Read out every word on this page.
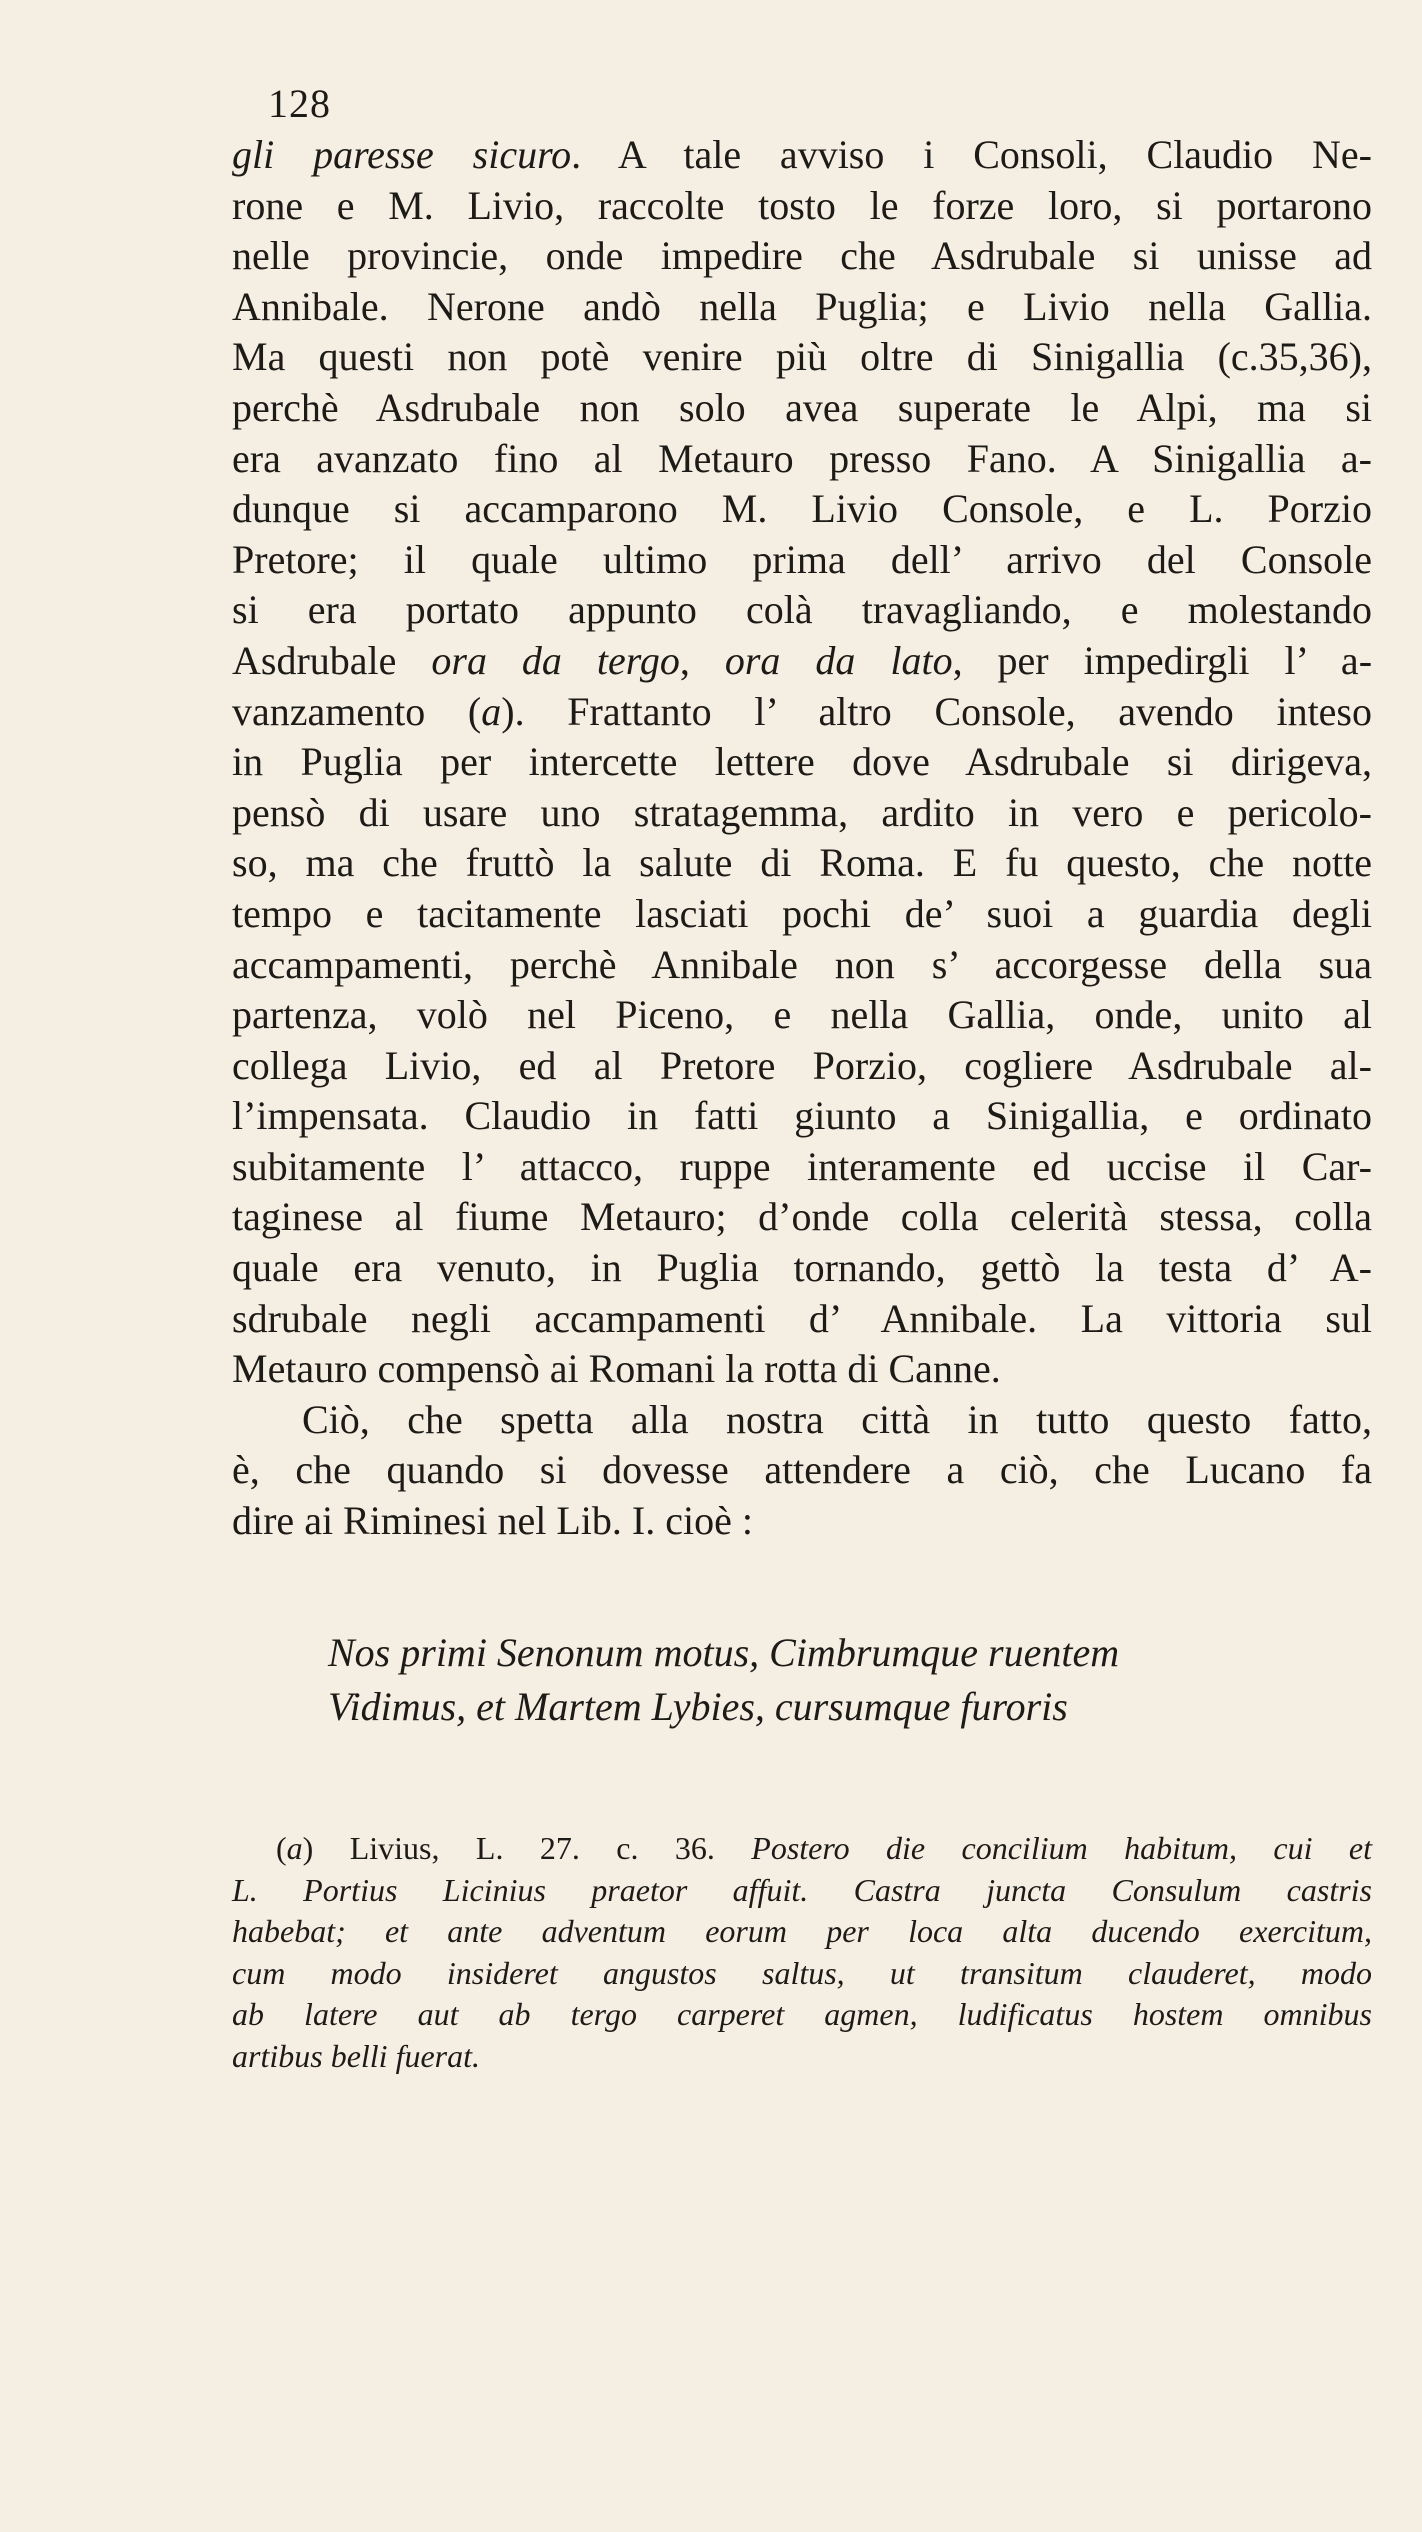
128
gli paresse sicuro. A tale avviso i Consoli, Claudio Ne-
rone e M. Livio, raccolte tosto le forze loro, si portarono
nelle provincie, onde impedire che Asdrubale si unisse ad
Annibale. Nerone andò nella Puglia; e Livio nella Gallia.
Ma questi non potè venire più oltre di Sinigallia (c.35,36),
perchè Asdrubale non solo avea superate le Alpi, ma si
era avanzato fino al Metauro presso Fano. A Sinigallia a-
dunque si accamparono M. Livio Console, e L. Porzio
Pretore; il quale ultimo prima dell’ arrivo del Console
si era portato appunto colà travagliando, e molestando
Asdrubale ora da tergo, ora da lato, per impedirgli l’ a-
vanzamento (a). Frattanto l’ altro Console, avendo inteso
in Puglia per intercette lettere dove Asdrubale si dirigeva,
pensò di usare uno stratagemma, ardito in vero e pericolo-
so, ma che fruttò la salute di Roma. E fu questo, che notte
tempo e tacitamente lasciati pochi de’ suoi a guardia degli
accampamenti, perchè Annibale non s’ accorgesse della sua
partenza, volò nel Piceno, e nella Gallia, onde, unito al
collega Livio, ed al Pretore Porzio, cogliere Asdrubale al-
l’impensata. Claudio in fatti giunto a Sinigallia, e ordinato
subitamente l’ attacco, ruppe interamente ed uccise il Car-
taginese al fiume Metauro; d’onde colla celerità stessa, colla
quale era venuto, in Puglia tornando, gettò la testa d’ A-
sdrubale negli accampamenti d’ Annibale. La vittoria sul
Metauro compensò ai Romani la rotta di Canne.
Ciò, che spetta alla nostra città in tutto questo fatto,
è, che quando si dovesse attendere a ciò, che Lucano fa
dire ai Riminesi nel Lib. I. cioè :
Nos primi Senonum motus, Cimbrumque ruentem
Vidimus, et Martem Lybies, cursumque furoris
(a) Livius, L. 27. c. 36. Postero die concilium habitum, cui et
L. Portius Licinius praetor affuit. Castra juncta Consulum castris
habebat; et ante adventum eorum per loca alta ducendo exercitum,
cum modo insideret angustos saltus, ut transitum clauderet, modo
ab latere aut ab tergo carperet agmen, ludificatus hostem omnibus
artibus belli fuerat.
